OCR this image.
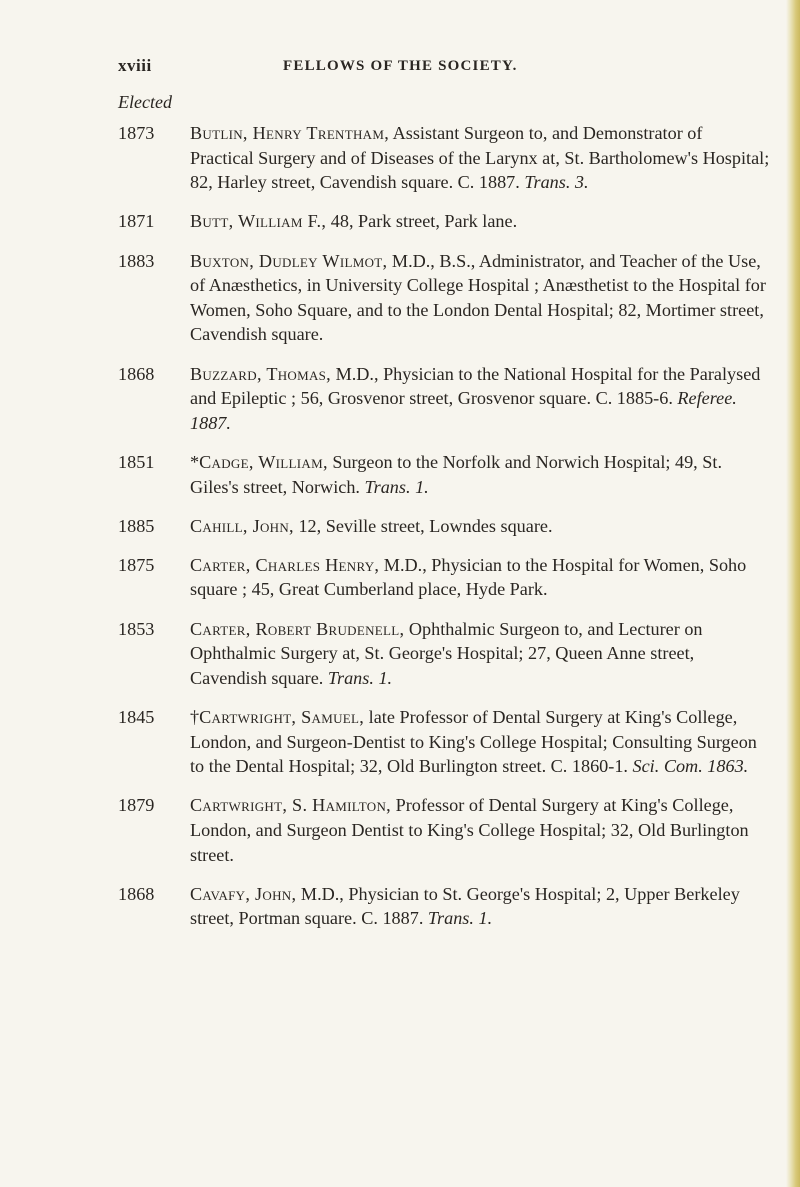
xviii	FELLOWS OF THE SOCIETY.
Elected
1873 Butlin, Henry Trentham, Assistant Surgeon to, and Demonstrator of Practical Surgery and of Diseases of the Larynx at, St. Bartholomew's Hospital; 82, Harley street, Cavendish square. C. 1887. Trans. 3.
1871 Butt, William F., 48, Park street, Park lane.
1883 Buxton, Dudley Wilmot, M.D., B.S., Administrator, and Teacher of the Use, of Anæsthetics, in University College Hospital ; Anæsthetist to the Hospital for Women, Soho Square, and to the London Dental Hospital; 82, Mortimer street, Cavendish square.
1868 Buzzard, Thomas, M.D., Physician to the National Hospital for the Paralysed and Epileptic ; 56, Grosvenor street, Grosvenor square. C. 1885-6. Referee. 1887.
1851 *Cadge, William, Surgeon to the Norfolk and Norwich Hospital; 49, St. Giles's street, Norwich. Trans. 1.
1885 Cahill, John, 12, Seville street, Lowndes square.
1875 Carter, Charles Henry, M.D., Physician to the Hospital for Women, Soho square ; 45, Great Cumberland place, Hyde Park.
1853 Carter, Robert Brudenell, Ophthalmic Surgeon to, and Lecturer on Ophthalmic Surgery at, St. George's Hospital; 27, Queen Anne street, Cavendish square. Trans. 1.
1845 †Cartwright, Samuel, late Professor of Dental Surgery at King's College, London, and Surgeon-Dentist to King's College Hospital; Consulting Surgeon to the Dental Hospital; 32, Old Burlington street. C. 1860-1. Sci. Com. 1863.
1879 Cartwright, S. Hamilton, Professor of Dental Surgery at King's College, London, and Surgeon Dentist to King's College Hospital; 32, Old Burlington street.
1868 Cavafy, John, M.D., Physician to St. George's Hospital; 2, Upper Berkeley street, Portman square. C. 1887. Trans. 1.
